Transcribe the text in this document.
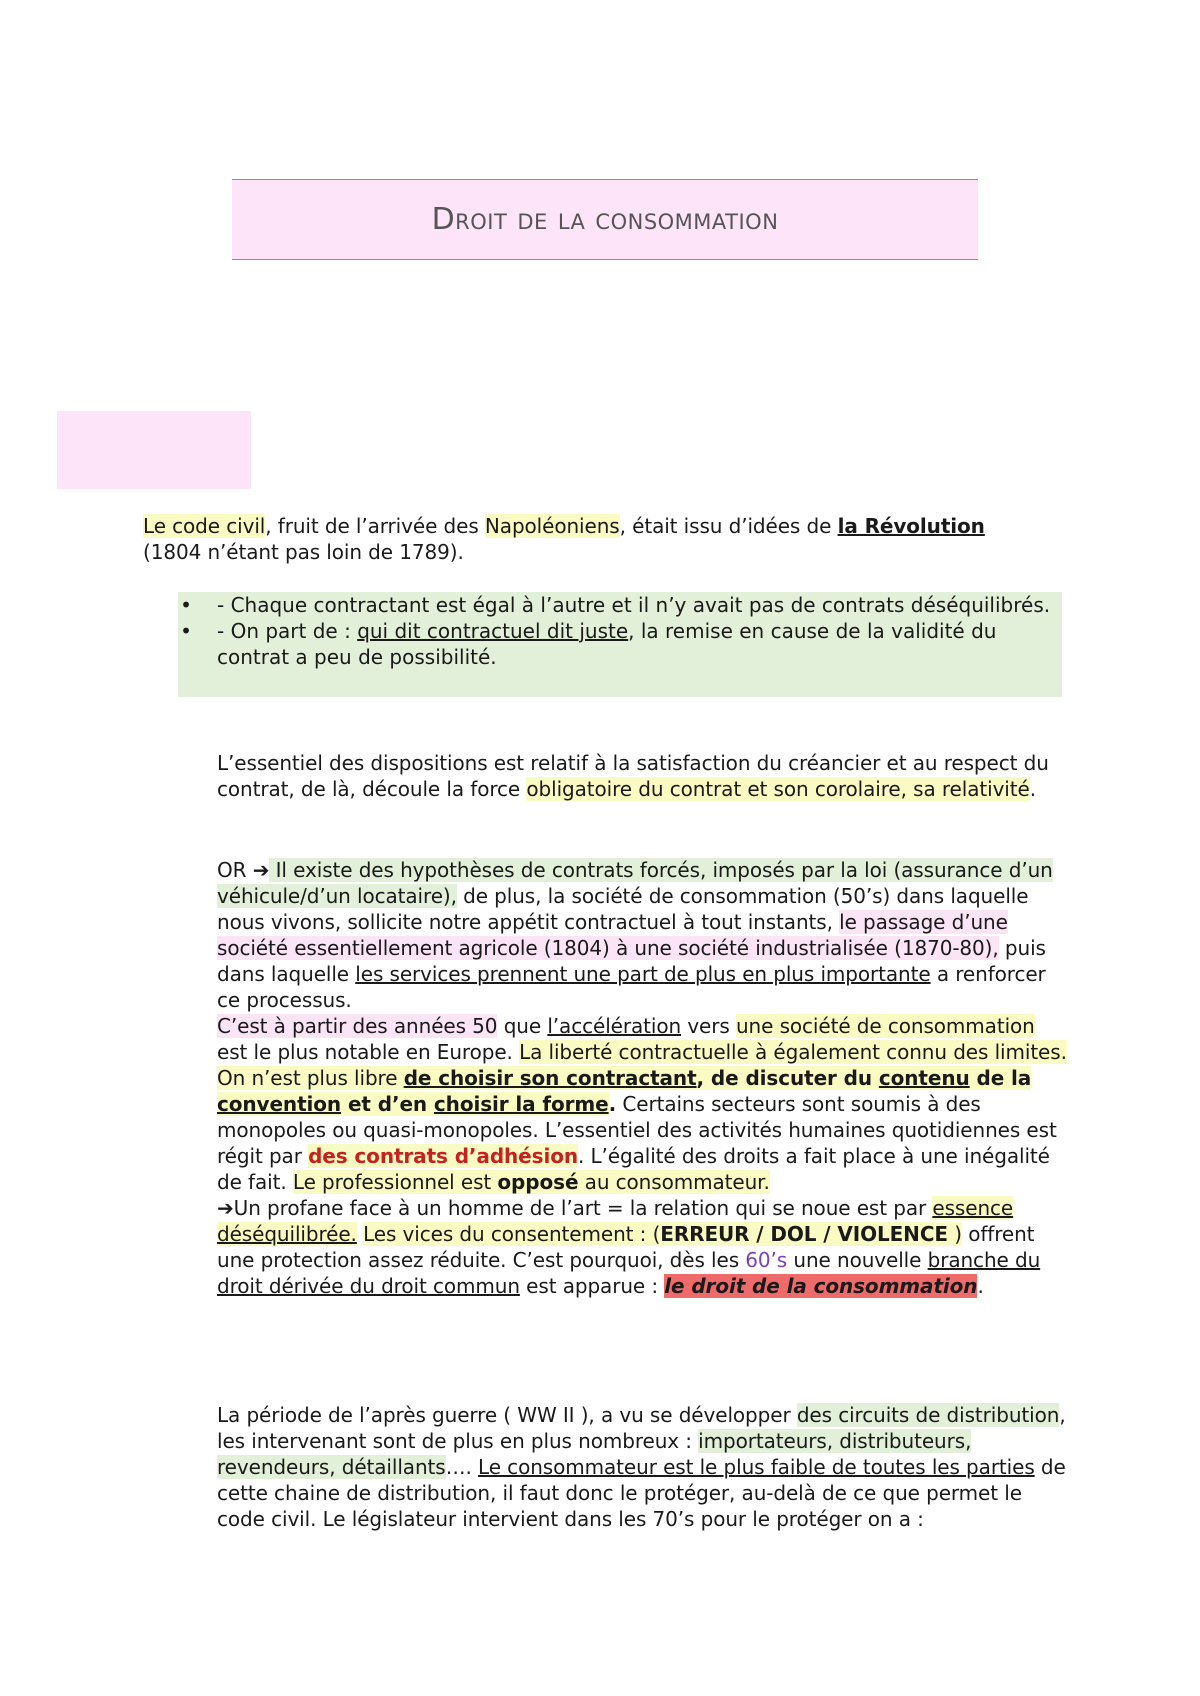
Droit de la consommation

Le code civil, fruit de l’arrivée des Napoléoniens, était issu d’idées de la Révolution (1804 n’étant pas loin de 1789).

• - Chaque contractant est égal à l’autre et il n’y avait pas de contrats déséquilibrés.
• - On part de : qui dit contractuel dit juste, la remise en cause de la validité du contrat a peu de possibilité.

L’essentiel des dispositions est relatif à la satisfaction du créancier et au respect du contrat, de là, découle la force obligatoire du contrat et son corolaire, sa relativité.

OR ➔ Il existe des hypothèses de contrats forcés, imposés par la loi (assurance d’un véhicule/d’un locataire), de plus, la société de consommation (50’s) dans laquelle nous vivons, sollicite notre appétit contractuel à tout instants, le passage d’une société essentiellement agricole (1804) à une société industrialisée (1870-80), puis dans laquelle les services prennent une part de plus en plus importante a renforcer ce processus.
C’est à partir des années 50 que l’accélération vers une société de consommation est le plus notable en Europe. La liberté contractuelle à également connu des limites. On n’est plus libre de choisir son contractant, de discuter du contenu de la convention et d’en choisir la forme. Certains secteurs sont soumis à des monopoles ou quasi-monopoles. L’essentiel des activités humaines quotidiennes est régit par des contrats d’adhésion. L’égalité des droits a fait place à une inégalité de fait. Le professionnel est opposé au consommateur.
➔Un profane face à un homme de l’art = la relation qui se noue est par essence déséquilibrée. Les vices du consentement : (ERREUR / DOL / VIOLENCE ) offrent une protection assez réduite. C’est pourquoi, dès les 60’s une nouvelle branche du droit dérivée du droit commun est apparue : le droit de la consommation.

La période de l’après guerre ( WW II ), a vu se développer des circuits de distribution, les intervenant sont de plus en plus nombreux : importateurs, distributeurs, revendeurs, détaillants…. Le consommateur est le plus faible de toutes les parties de cette chaine de distribution, il faut donc le protéger, au-delà de ce que permet le code civil. Le législateur intervient dans les 70’s pour le protéger on a :
